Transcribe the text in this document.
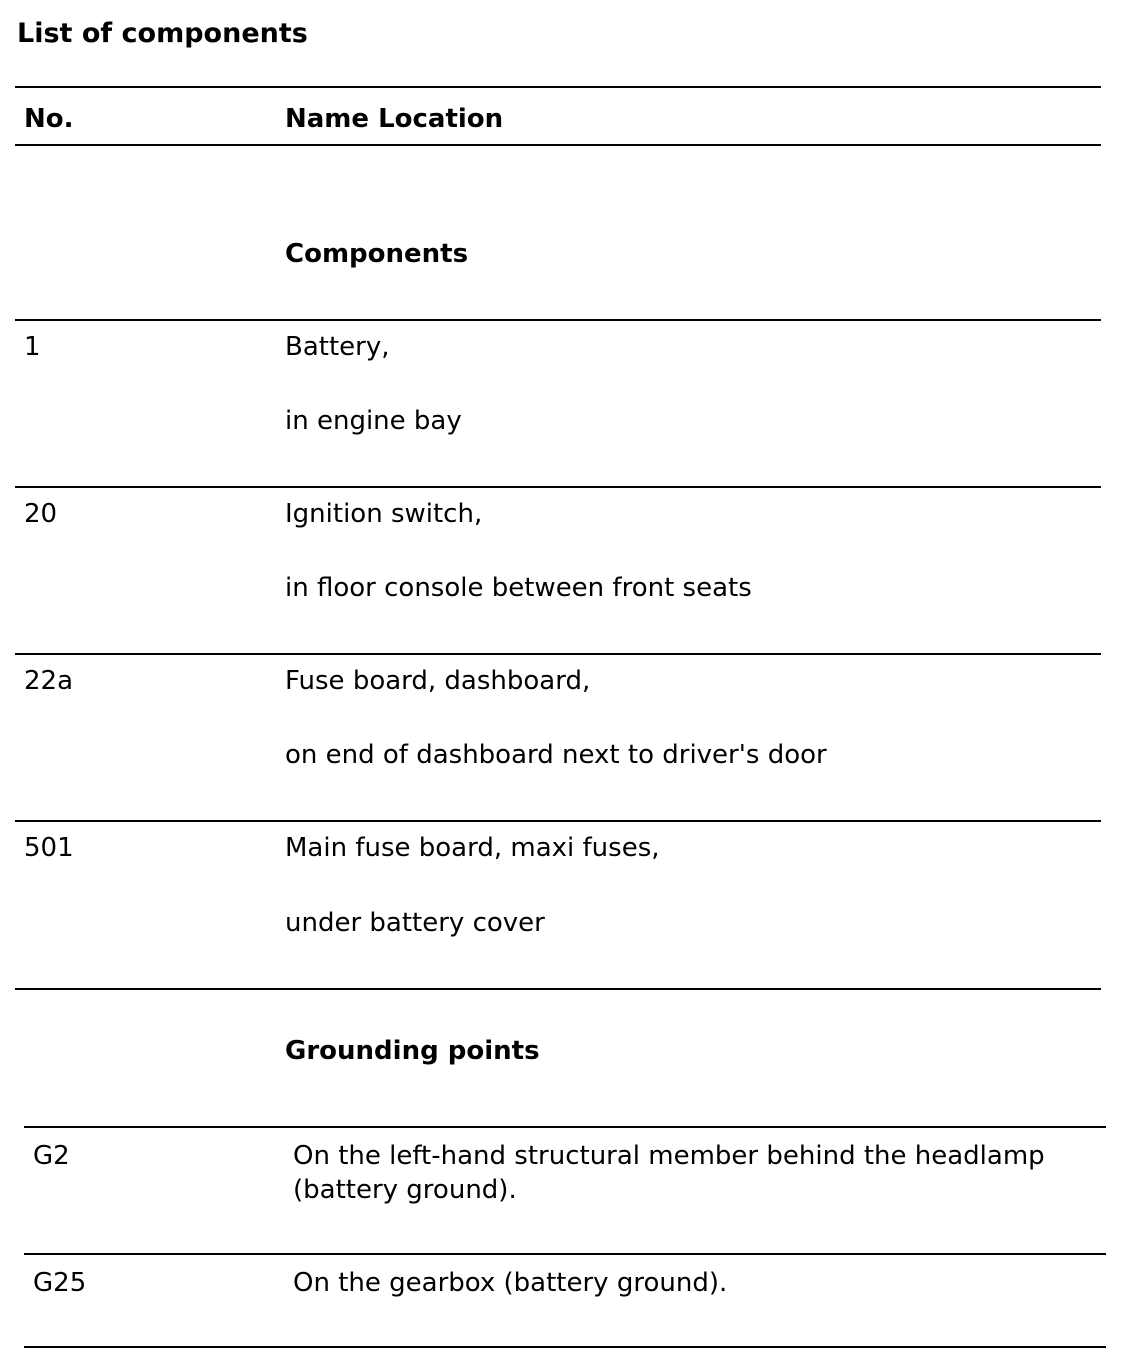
List of components
No.	Name Location
Components
1	Battery,
in engine bay
20	Ignition switch,
in floor console between front seats
22a	Fuse board, dashboard,
on end of dashboard next to driver's door
501	Main fuse board, maxi fuses,
under battery cover
Grounding points
G2	On the left-hand structural member behind the headlamp (battery ground).
G25	On the gearbox (battery ground).
